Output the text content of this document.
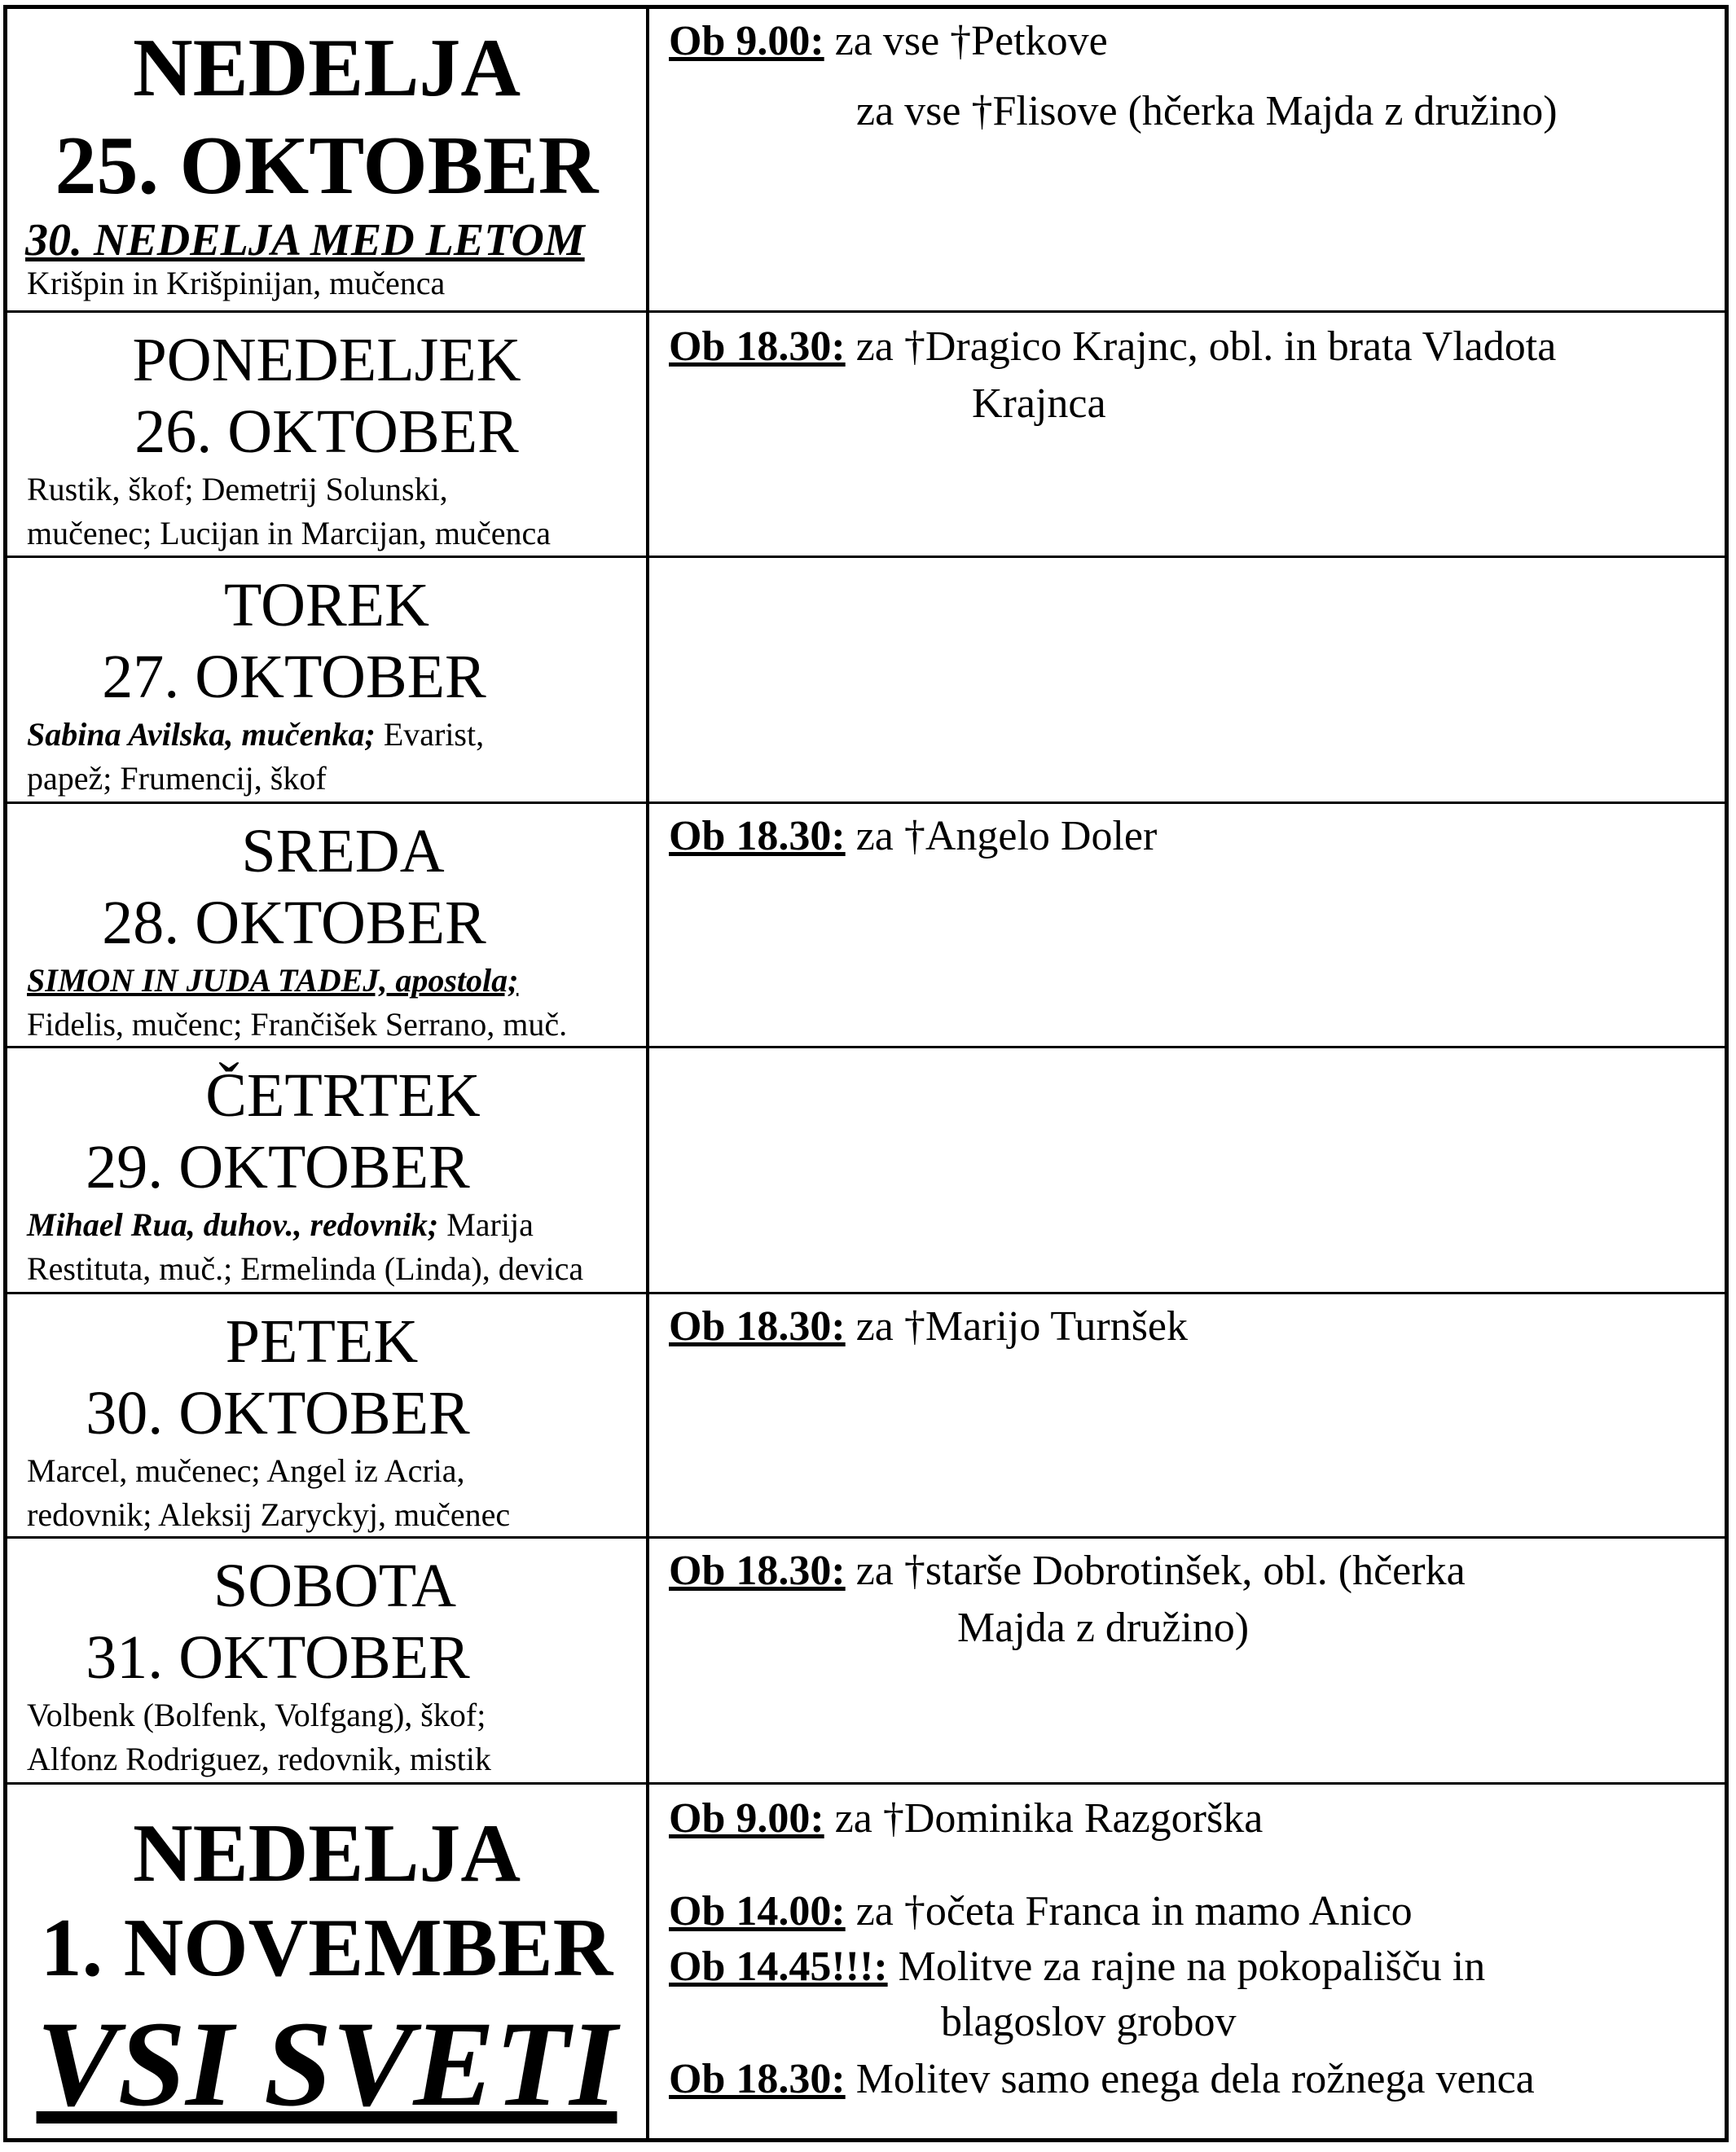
NEDELJA
25. OKTOBER
30. NEDELJA MED LETOM
Krišpin in Krišpinijan, mučenca
Ob 9.00: za vse †Petkove
za vse †Flisove (hčerka Majda z družino)
PONEDELJEK
26. OKTOBER
Rustik, škof; Demetrij Solunski,
mučenec; Lucijan in Marcijan, mučenca
Ob 18.30: za †Dragico Krajnc, obl. in brata Vladota
Krajnca
TOREK
27. OKTOBER
Sabina Avilska, mučenka; Evarist,
papež; Frumencij, škof
SREDA
28. OKTOBER
SIMON IN JUDA TADEJ, apostola;
Fidelis, mučenc; Frančišek Serrano, muč.
Ob 18.30: za †Angelo Doler
ČETRTEK
29. OKTOBER
Mihael Rua, duhov., redovnik; Marija
Restituta, muč.; Ermelinda (Linda), devica
PETEK
30. OKTOBER
Marcel, mučenec; Angel iz Acria,
redovnik; Aleksij Zaryckyj, mučenec
Ob 18.30: za †Marijo Turnšek
SOBOTA
31. OKTOBER
Volbenk (Bolfenk, Volfgang), škof;
Alfonz Rodriguez, redovnik, mistik
Ob 18.30: za †starše Dobrotinšek, obl. (hčerka
Majda z družino)
NEDELJA
1. NOVEMBER
VSI SVETI
Ob 9.00: za †Dominika Razgorška
Ob 14.00: za †očeta Franca in mamo Anico
Ob 14.45!!!: Molitve za rajne na pokopališču in
blagoslov grobov
Ob 18.30: Molitev samo enega dela rožnega venca
